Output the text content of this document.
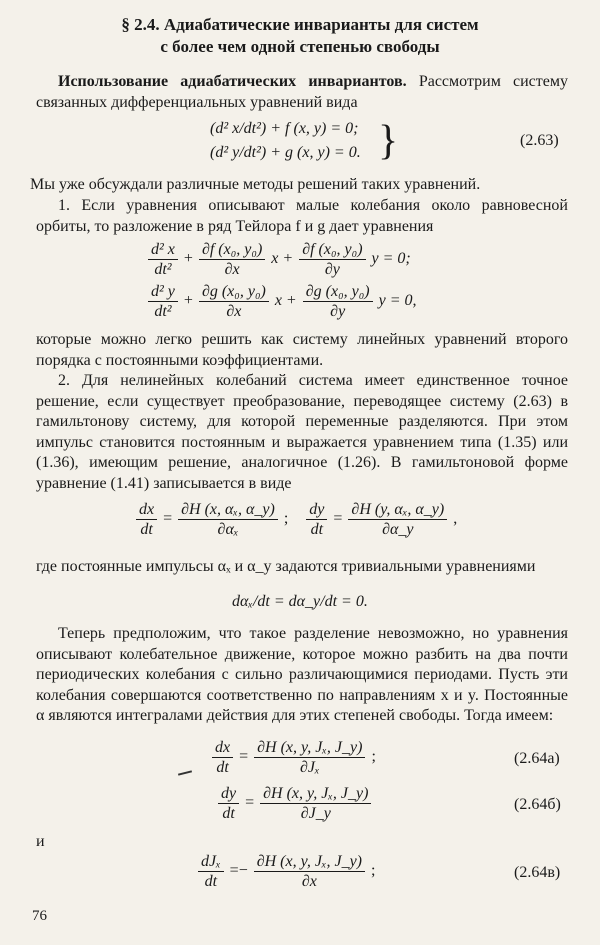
§ 2.4. Адиабатические инварианты для систем
с более чем одной степенью свободы

Использование адиабатических инвариантов. Рассмотрим систему связанных дифференциальных уравнений вида

(d² x/dt²) + f (x, y) = 0;
(d² y/dt²) + g (x, y) = 0. }	(2.63)

Мы уже обсуждали различные методы решений таких уравнений.

1. Если уравнения описывают малые колебания около равновесной орбиты, то разложение в ряд Тейлора f и g дает уравнения

$\frac{\text{d² x}}{\text{dt²}} + \frac{\text{∂f (x₀, y₀)}}{\partial x}$ $x + \frac{\text{∂f (x₀, y₀)}}{\partial y}$ y = 0;
$\frac{\text{d² y}}{\text{dt²}} + \frac{\text{∂g (x₀, y₀)}}{\partial x}$ $x + \frac{\text{∂g (x₀, y₀)}}{\partial y}$ y = 0,

которые можно легко решить как систему линейных уравнений второго порядка с постоянными коэффициентами.

2. Для нелинейных колебаний система имеет единственное точное решение, если существует преобразование, переводящее систему (2.63) в гамильтонову систему, для которой переменные разделяются. При этом импульс становится постоянным и выражается уравнением типа (1.35) или (1.36), имеющим решение, аналогичное (1.26). В гамильтоновой форме уравнение (1.41) записывается в виде

$\frac{dx}{dt} = \frac{\text{∂H (x, αₓ, α\_y)}}{\text{∂αₓ}}$ ; $\frac{dy}{dt} = \frac{\text{∂H (y, αₓ, α\_y)}}{\partial\alpha\_y}$ ,

где постоянные импульсы αₓ и α_y задаются тривиальными уравнениями

dαₓ/dt = dα_y/dt = 0.

Теперь предположим, что такое разделение невозможно, но уравнения описывают колебательное движение, которое можно разбить на два почти периодических колебания с сильно различающимися периодами. Пусть эти колебания совершаются соответственно по направлениям x и y. Постоянные α являются интегралами действия для этих степеней свободы. Тогда имеем:

$\frac{dx}{dt} = \frac{\text{∂H (x, y, Jₓ, J\_y)}}{\text{∂Jₓ}}$ ;	(2.64а)
$\frac{dy}{dt} = \frac{\text{∂H (x, y, Jₓ, J\_y)}}{\partial J\_y}$	(2.64б)
и
$\frac{\text{dJₓ}}{dt} =- \frac{\text{∂H (x, y, Jₓ, J\_y)}}{\partial x}$ ;	(2.64в)
76
